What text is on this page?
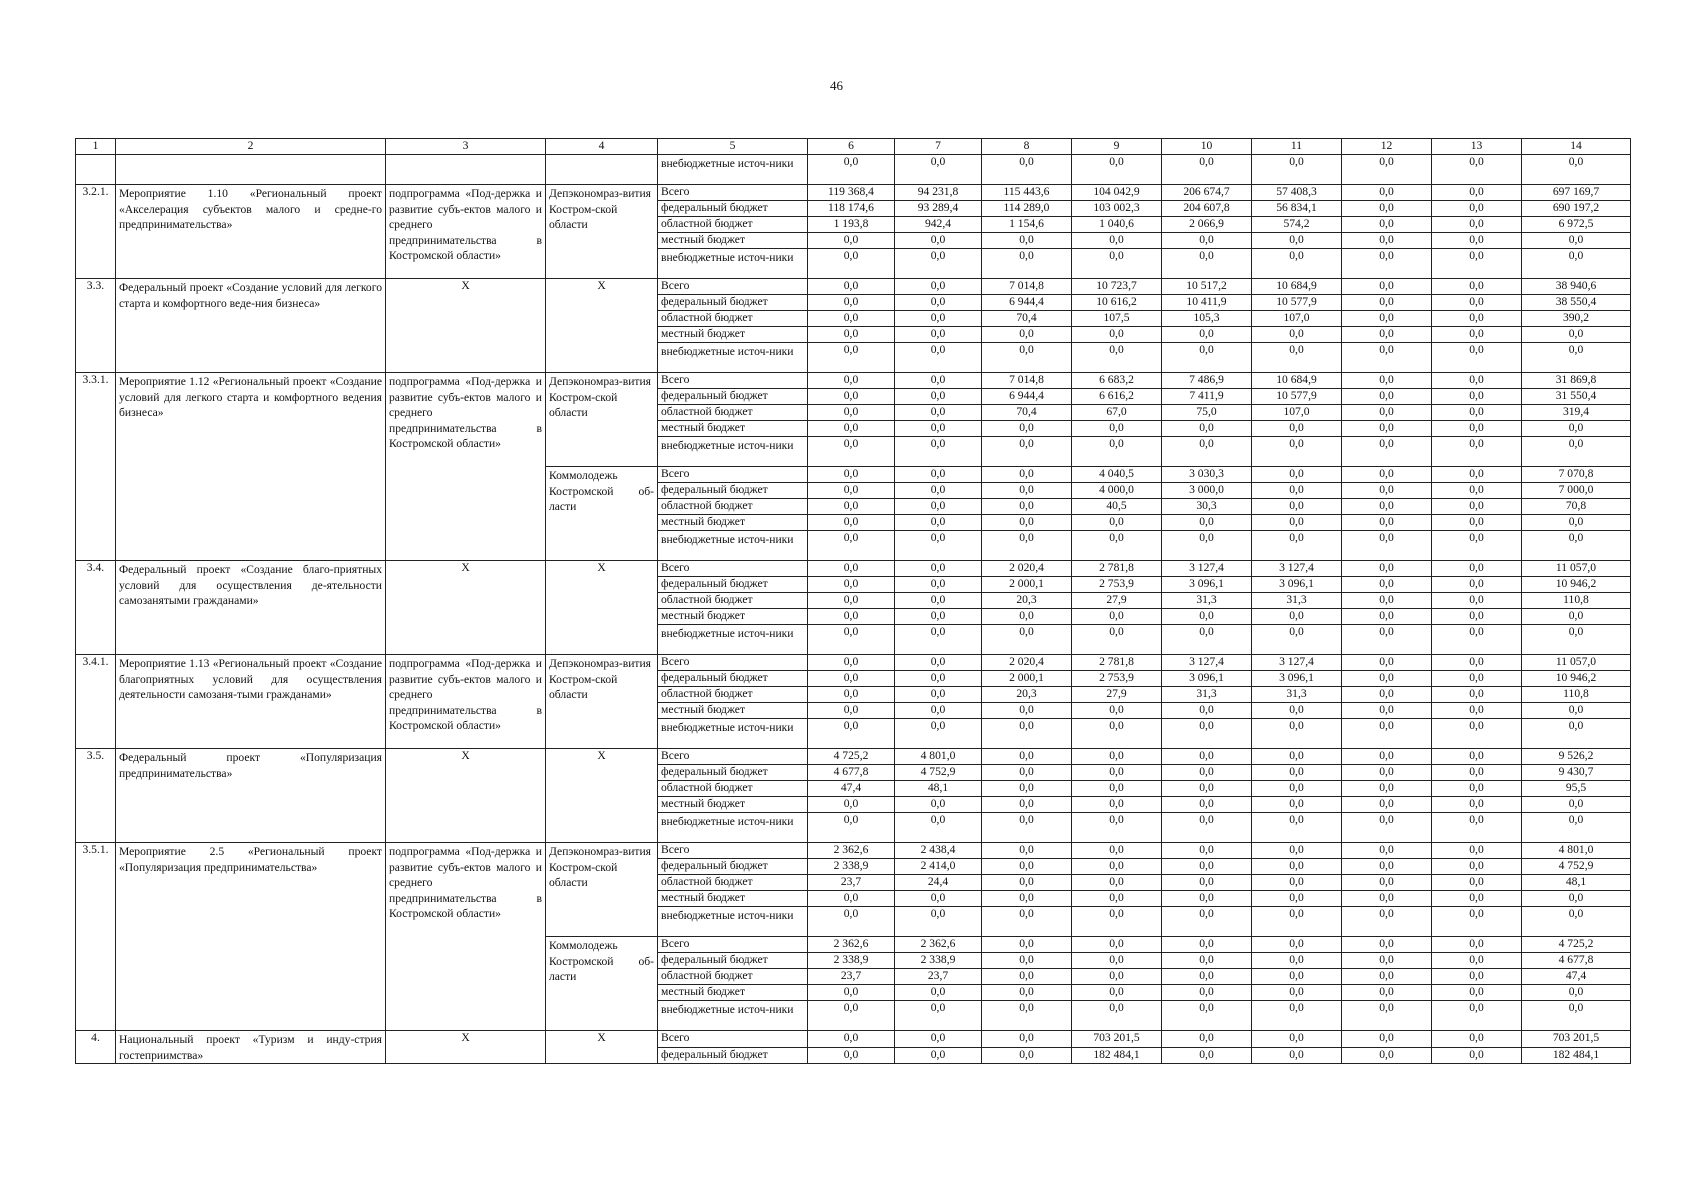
46
1	2	3	4	5	6	7	8	9	10	11	12	13	14
				внебюджетные источ-ники	0,0	0,0	0,0	0,0	0,0	0,0	0,0	0,0	0,0
3.2.1.	Мероприятие 1.10 «Региональный проект «Акселерация субъектов малого и средне-го предпринимательства»	подпрограмма «Под-держка и развитие субъ-ектов малого и среднего предпринимательства в Костромской области»	Депэкономраз-вития Костром-ской области	Всего	119 368,4	94 231,8	115 443,6	104 042,9	206 674,7	57 408,3	0,0	0,0	697 169,7
				федеральный бюджет	118 174,6	93 289,4	114 289,0	103 002,3	204 607,8	56 834,1	0,0	0,0	690 197,2
				областной бюджет	1 193,8	942,4	1 154,6	1 040,6	2 066,9	574,2	0,0	0,0	6 972,5
				местный бюджет	0,0	0,0	0,0	0,0	0,0	0,0	0,0	0,0	0,0
				внебюджетные источ-ники	0,0	0,0	0,0	0,0	0,0	0,0	0,0	0,0	0,0
3.3.	Федеральный проект «Создание условий для легкого старта и комфортного веде-ния бизнеса»	X	X	Всего	0,0	0,0	7 014,8	10 723,7	10 517,2	10 684,9	0,0	0,0	38 940,6
				федеральный бюджет	0,0	0,0	6 944,4	10 616,2	10 411,9	10 577,9	0,0	0,0	38 550,4
				областной бюджет	0,0	0,0	70,4	107,5	105,3	107,0	0,0	0,0	390,2
				местный бюджет	0,0	0,0	0,0	0,0	0,0	0,0	0,0	0,0	0,0
				внебюджетные источ-ники	0,0	0,0	0,0	0,0	0,0	0,0	0,0	0,0	0,0
3.3.1.	Мероприятие 1.12 «Региональный проект «Создание условий для легкого старта и комфортного ведения бизнеса»	подпрограмма «Под-держка и развитие субъ-ектов малого и среднего предпринимательства в Костромской области»	Депэкономраз-вития Костром-ской области	Всего	0,0	0,0	7 014,8	6 683,2	7 486,9	10 684,9	0,0	0,0	31 869,8
				федеральный бюджет	0,0	0,0	6 944,4	6 616,2	7 411,9	10 577,9	0,0	0,0	31 550,4
				областной бюджет	0,0	0,0	70,4	67,0	75,0	107,0	0,0	0,0	319,4
				местный бюджет	0,0	0,0	0,0	0,0	0,0	0,0	0,0	0,0	0,0
				внебюджетные источ-ники	0,0	0,0	0,0	0,0	0,0	0,0	0,0	0,0	0,0
			Коммолодежь Костромской об-ласти	Всего	0,0	0,0	0,0	4 040,5	3 030,3	0,0	0,0	0,0	7 070,8
				федеральный бюджет	0,0	0,0	0,0	4 000,0	3 000,0	0,0	0,0	0,0	7 000,0
				областной бюджет	0,0	0,0	0,0	40,5	30,3	0,0	0,0	0,0	70,8
				местный бюджет	0,0	0,0	0,0	0,0	0,0	0,0	0,0	0,0	0,0
				внебюджетные источ-ники	0,0	0,0	0,0	0,0	0,0	0,0	0,0	0,0	0,0
3.4.	Федеральный проект «Создание благо-приятных условий для осуществления де-ятельности самозанятыми гражданами»	X	X	Всего	0,0	0,0	2 020,4	2 781,8	3 127,4	3 127,4	0,0	0,0	11 057,0
				федеральный бюджет	0,0	0,0	2 000,1	2 753,9	3 096,1	3 096,1	0,0	0,0	10 946,2
				областной бюджет	0,0	0,0	20,3	27,9	31,3	31,3	0,0	0,0	110,8
				местный бюджет	0,0	0,0	0,0	0,0	0,0	0,0	0,0	0,0	0,0
				внебюджетные источ-ники	0,0	0,0	0,0	0,0	0,0	0,0	0,0	0,0	0,0
3.4.1.	Мероприятие 1.13 «Региональный проект «Создание благоприятных условий для осуществления деятельности самозаня-тыми гражданами»	подпрограмма «Под-держка и развитие субъ-ектов малого и среднего предпринимательства в Костромской области»	Депэкономраз-вития Костром-ской области	Всего	0,0	0,0	2 020,4	2 781,8	3 127,4	3 127,4	0,0	0,0	11 057,0
				федеральный бюджет	0,0	0,0	2 000,1	2 753,9	3 096,1	3 096,1	0,0	0,0	10 946,2
				областной бюджет	0,0	0,0	20,3	27,9	31,3	31,3	0,0	0,0	110,8
				местный бюджет	0,0	0,0	0,0	0,0	0,0	0,0	0,0	0,0	0,0
				внебюджетные источ-ники	0,0	0,0	0,0	0,0	0,0	0,0	0,0	0,0	0,0
3.5.	Федеральный проект «Популяризация предпринимательства»	X	X	Всего	4 725,2	4 801,0	0,0	0,0	0,0	0,0	0,0	0,0	9 526,2
				федеральный бюджет	4 677,8	4 752,9	0,0	0,0	0,0	0,0	0,0	0,0	9 430,7
				областной бюджет	47,4	48,1	0,0	0,0	0,0	0,0	0,0	0,0	95,5
				местный бюджет	0,0	0,0	0,0	0,0	0,0	0,0	0,0	0,0	0,0
				внебюджетные источ-ники	0,0	0,0	0,0	0,0	0,0	0,0	0,0	0,0	0,0
3.5.1.	Мероприятие 2.5 «Региональный проект «Популяризация предпринимательства»	подпрограмма «Под-держка и развитие субъ-ектов малого и среднего предпринимательства в Костромской области»	Депэкономраз-вития Костром-ской области	Всего	2 362,6	2 438,4	0,0	0,0	0,0	0,0	0,0	0,0	4 801,0
				федеральный бюджет	2 338,9	2 414,0	0,0	0,0	0,0	0,0	0,0	0,0	4 752,9
				областной бюджет	23,7	24,4	0,0	0,0	0,0	0,0	0,0	0,0	48,1
				местный бюджет	0,0	0,0	0,0	0,0	0,0	0,0	0,0	0,0	0,0
				внебюджетные источ-ники	0,0	0,0	0,0	0,0	0,0	0,0	0,0	0,0	0,0
			Коммолодежь Костромской об-ласти	Всего	2 362,6	2 362,6	0,0	0,0	0,0	0,0	0,0	0,0	4 725,2
				федеральный бюджет	2 338,9	2 338,9	0,0	0,0	0,0	0,0	0,0	0,0	4 677,8
				областной бюджет	23,7	23,7	0,0	0,0	0,0	0,0	0,0	0,0	47,4
				местный бюджет	0,0	0,0	0,0	0,0	0,0	0,0	0,0	0,0	0,0
				внебюджетные источ-ники	0,0	0,0	0,0	0,0	0,0	0,0	0,0	0,0	0,0
4.	Национальный проект «Туризм и инду-стрия гостеприимства»	X	X	Всего	0,0	0,0	0,0	703 201,5	0,0	0,0	0,0	0,0	703 201,5
				федеральный бюджет	0,0	0,0	0,0	182 484,1	0,0	0,0	0,0	0,0	182 484,1
